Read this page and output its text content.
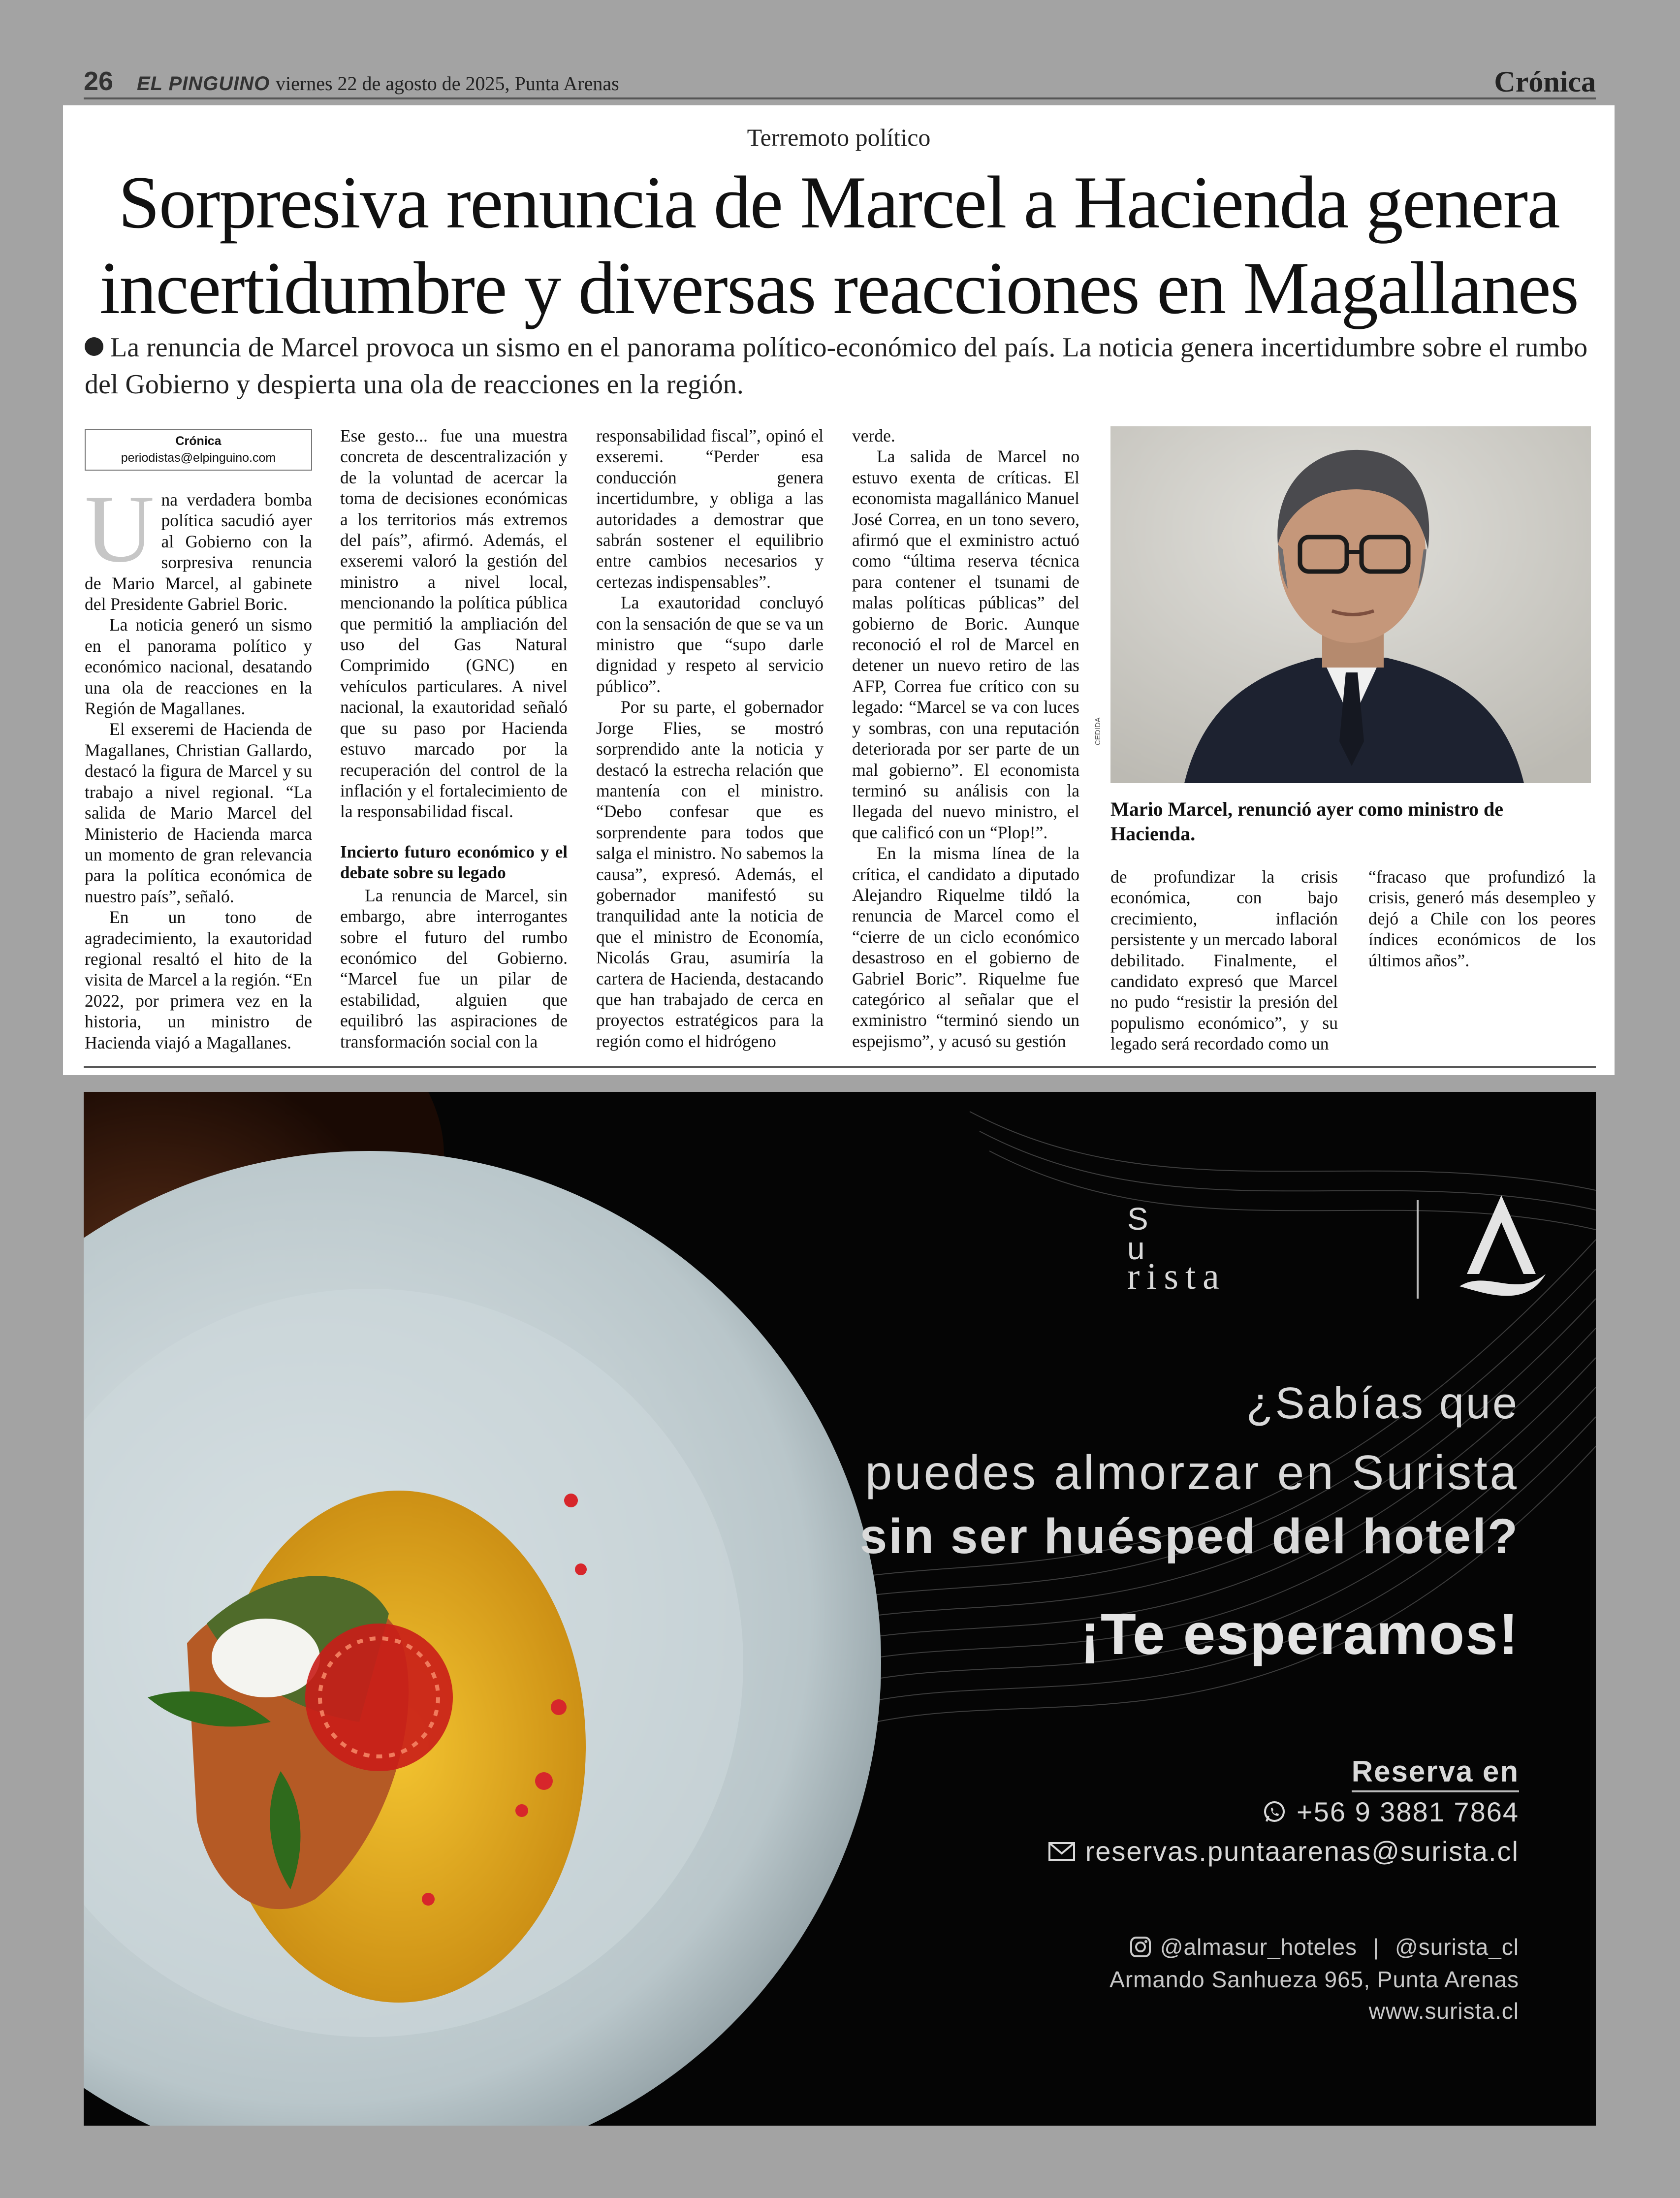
26 EL PINGUINO viernes 22 de agosto de 2025, Punta Arenas	Crónica
Terremoto político
Sorpresiva renuncia de Marcel a Hacienda genera
incertidumbre y diversas reacciones en Magallanes
La renuncia de Marcel provoca un sismo en el panorama político-económico del país. La noticia genera incertidumbre sobre el rumbo del Gobierno y despierta una ola de reacciones en la región.
Crónica
periodistas@elpinguino.com

Una verdadera bomba política sacudió ayer al Gobierno con la sorpresiva renuncia de Mario Marcel, al gabinete del Presidente Gabriel Boric.

La noticia generó un sismo en el panorama político y económico nacional, desatando una ola de reacciones en la Región de Magallanes.

El exseremi de Hacienda de Magallanes, Christian Gallardo, destacó la figura de Marcel y su trabajo a nivel regional. “La salida de Mario Marcel del Ministerio de Hacienda marca un momento de gran relevancia para la política económica de nuestro país”, señaló.

En un tono de agradecimiento, la exautoridad regional resaltó el hito de la visita de Marcel a la región. “En 2022, por primera vez en la historia, un ministro de Hacienda viajó a Magallanes.

Ese gesto... fue una muestra concreta de descentralización y de la voluntad de acercar la toma de decisiones económicas a los territorios más extremos del país”, afirmó. Además, el exseremi valoró la gestión del ministro a nivel local, mencionando la política pública que permitió la ampliación del uso del Gas Natural Comprimido (GNC) en vehículos particulares. A nivel nacional, la exautoridad señaló que su paso por Hacienda estuvo marcado por la recuperación del control de la inflación y el fortalecimiento de la responsabilidad fiscal.

Incierto futuro económico y el debate sobre su legado

La renuncia de Marcel, sin embargo, abre interrogantes sobre el futuro del rumbo económico del Gobierno. “Marcel fue un pilar de estabilidad, alguien que equilibró las aspiraciones de transformación social con la

responsabilidad fiscal”, opinó el exseremi. “Perder esa conducción genera incertidumbre, y obliga a las autoridades a demostrar que sabrán sostener el equilibrio entre cambios necesarios y certezas indispensables”.

La exautoridad concluyó con la sensación de que se va un ministro que “supo darle dignidad y respeto al servicio público”.

Por su parte, el gobernador Jorge Flies, se mostró sorprendido ante la noticia y destacó la estrecha relación que mantenía con el ministro. “Debo confesar que es sorprendente para todos que salga el ministro. No sabemos la causa”, expresó. Además, el gobernador manifestó su tranquilidad ante la noticia de que el ministro de Economía, Nicolás Grau, asumiría la cartera de Hacienda, destacando que han trabajado de cerca en proyectos estratégicos para la región como el hidrógeno

verde.

La salida de Marcel no estuvo exenta de críticas. El economista magallánico Manuel José Correa, en un tono severo, afirmó que el exministro actuó como “última reserva técnica para contener el tsunami de malas políticas públicas” del gobierno de Boric. Aunque reconoció el rol de Marcel en detener un nuevo retiro de las AFP, Correa fue crítico con su legado: “Marcel se va con luces y sombras, con una reputación deteriorada por ser parte de un mal gobierno”. El economista terminó su análisis con la llegada del nuevo ministro, el que calificó con un “Plop!”.

En la misma línea de la crítica, el candidato a diputado Alejandro Riquelme tildó la renuncia de Marcel como el “cierre de un ciclo económico desastroso en el gobierno de Gabriel Boric”. Riquelme fue categórico al señalar que el exministro “terminó siendo un espejismo”, y acusó su gestión

CEDIDA
Mario Marcel, renunció ayer como ministro de Hacienda.

de profundizar la crisis económica, con bajo crecimiento, inflación persistente y un mercado laboral debilitado. Finalmente, el candidato expresó que Marcel no pudo “resistir la presión del populismo económico”, y su legado será recordado como un

“fracaso que profundizó la crisis, generó más desempleo y dejó a Chile con los peores índices económicos de los últimos años”.

S
u
rista
¿Sabías que
puedes almorzar en Surista
sin ser huésped del hotel?
¡Te esperamos!
Reserva en
+56 9 3881 7864
reservas.puntaarenas@surista.cl
@almasur_hoteles | @surista_cl
Armando Sanhueza 965, Punta Arenas
www.surista.cl
